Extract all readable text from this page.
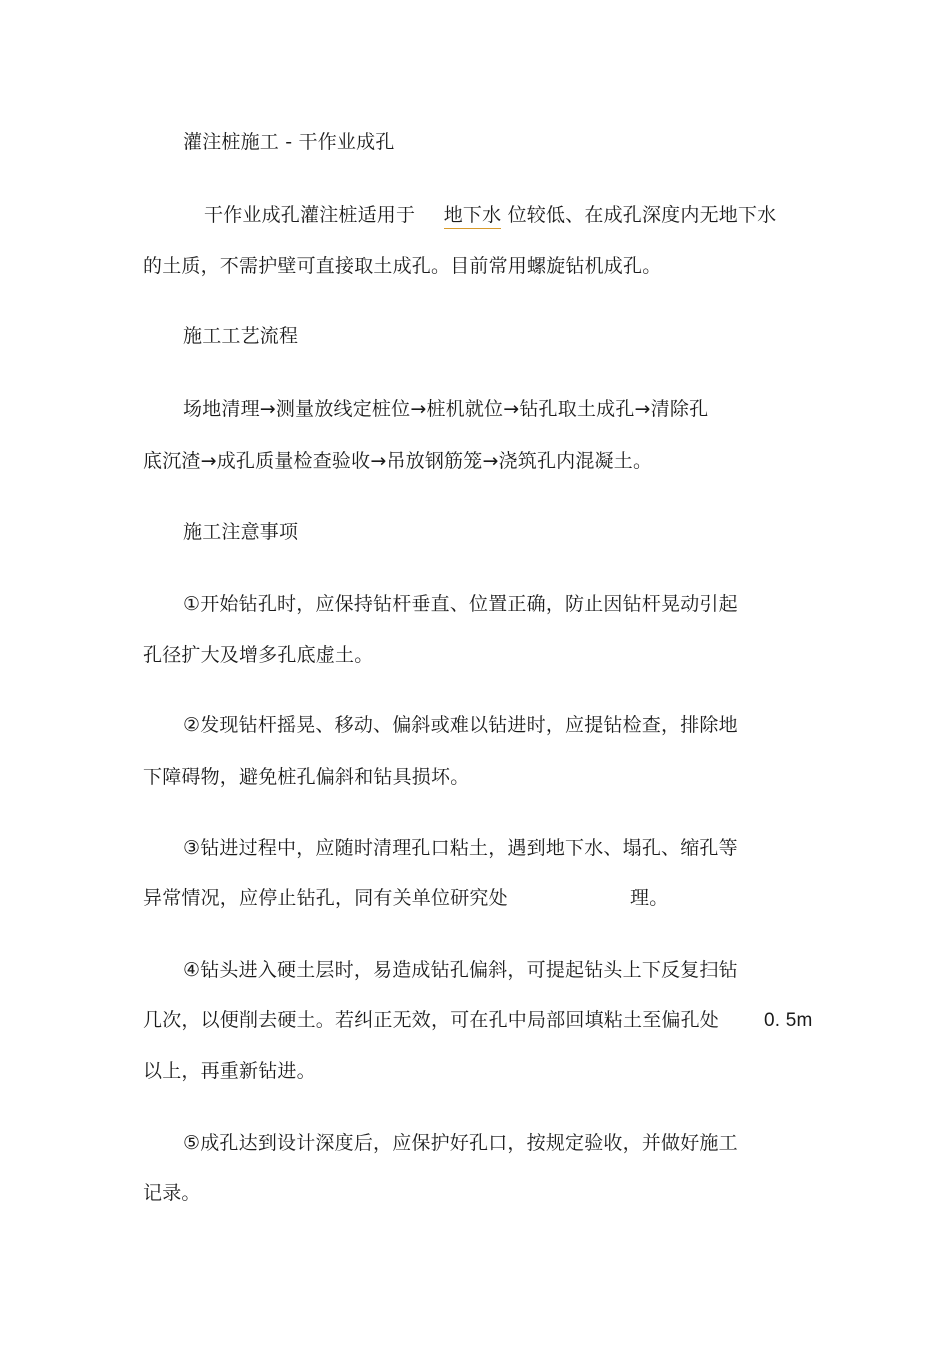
灌注桩施工 - 干作业成孔
干作业成孔灌注桩适用于 地下水 位较低、在成孔深度内无地下水
的土质，不需护壁可直接取土成孔。目前常用螺旋钻机成孔。
施工工艺流程
场地清理→测量放线定桩位→桩机就位→钻孔取土成孔→清除孔
底沉渣→成孔质量检查验收→吊放钢筋笼→浇筑孔内混凝土。
施工注意事项
①开始钻孔时，应保持钻杆垂直、位置正确，防止因钻杆晃动引起
孔径扩大及增多孔底虚土。
②发现钻杆摇晃、移动、偏斜或难以钻进时，应提钻检查，排除地
下障碍物，避免桩孔偏斜和钻具损坏。
③钻进过程中，应随时清理孔口粘土，遇到地下水、塌孔、缩孔等
异常情况，应停止钻孔，同有关单位研究处	理。
④钻头进入硬土层时，易造成钻孔偏斜，可提起钻头上下反复扫钻
几次，以便削去硬土。若纠正无效，可在孔中局部回填粘土至偏孔处 0. 5m
以上，再重新钻进。
⑤成孔达到设计深度后，应保护好孔口，按规定验收，并做好施工
记录。
